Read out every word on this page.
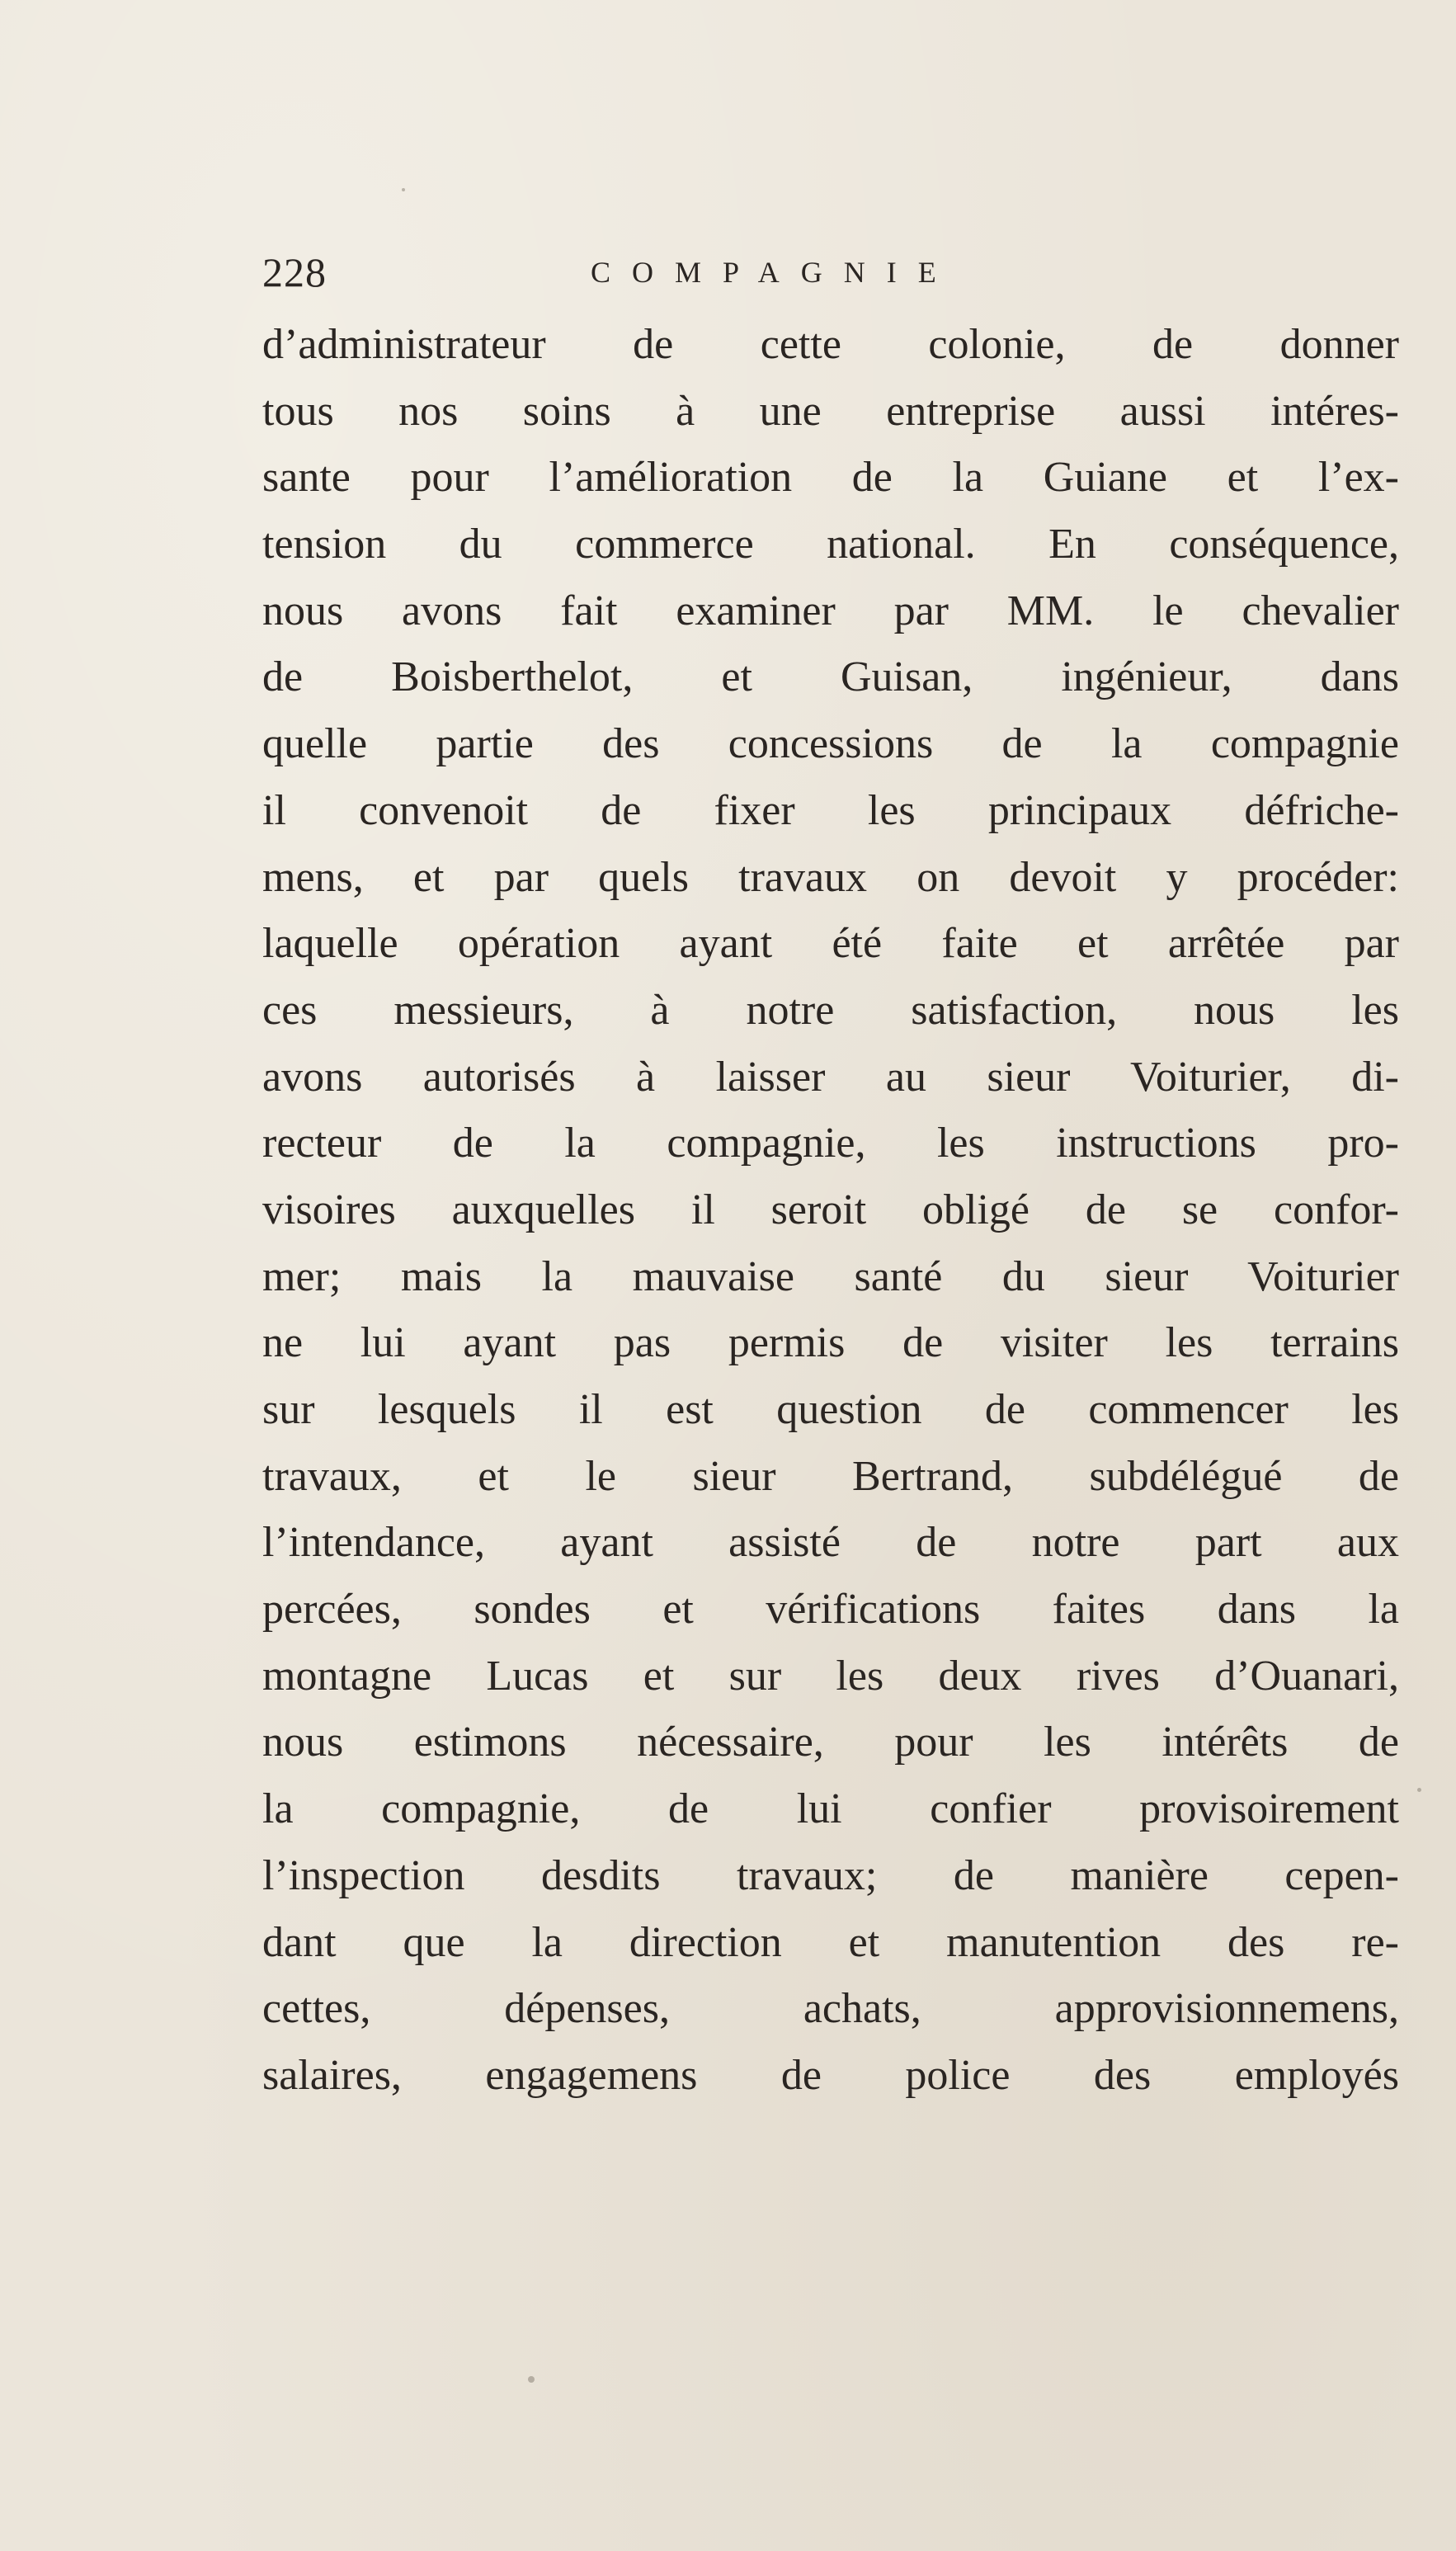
228	COMPAGNIE
d’administrateur de cette colonie, de donner
tous nos soins à une entreprise aussi intéres-
sante pour l’amélioration de la Guiane et l’ex-
tension du commerce national. En conséquence,
nous avons fait examiner par MM. le chevalier
de Boisberthelot, et Guisan, ingénieur, dans
quelle partie des concessions de la compagnie
il convenoit de fixer les principaux défriche-
mens, et par quels travaux on devoit y procéder:
laquelle opération ayant été faite et arrêtée par
ces messieurs, à notre satisfaction, nous les
avons autorisés à laisser au sieur Voiturier, di-
recteur de la compagnie, les instructions pro-
visoires auxquelles il seroit obligé de se confor-
mer; mais la mauvaise santé du sieur Voiturier
ne lui ayant pas permis de visiter les terrains
sur lesquels il est question de commencer les
travaux, et le sieur Bertrand, subdélégué de
l’intendance, ayant assisté de notre part aux
percées, sondes et vérifications faites dans la
montagne Lucas et sur les deux rives d’Ouanari,
nous estimons nécessaire, pour les intérêts de
la compagnie, de lui confier provisoirement
l’inspection desdits travaux; de manière cepen-
dant que la direction et manutention des re-
cettes, dépenses, achats, approvisionnemens,
salaires, engagemens de police des employés
